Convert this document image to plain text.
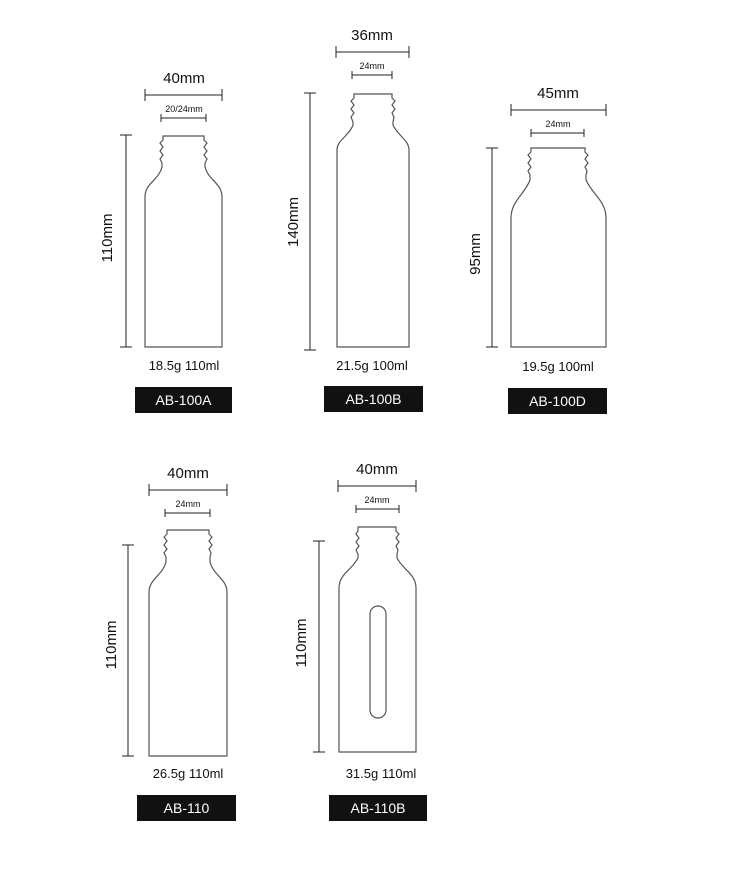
40mm
20/24mm
110mm
18.5g 110ml
36mm
24mm
140mm
21.5g 100ml
45mm
24mm
95mm
19.5g 100ml
40mm
24mm
110mm
26.5g 110ml
40mm
24mm
110mm
31.5g 110ml
AB-100A	AB-100B	AB-100D
AB-110	AB-110B
